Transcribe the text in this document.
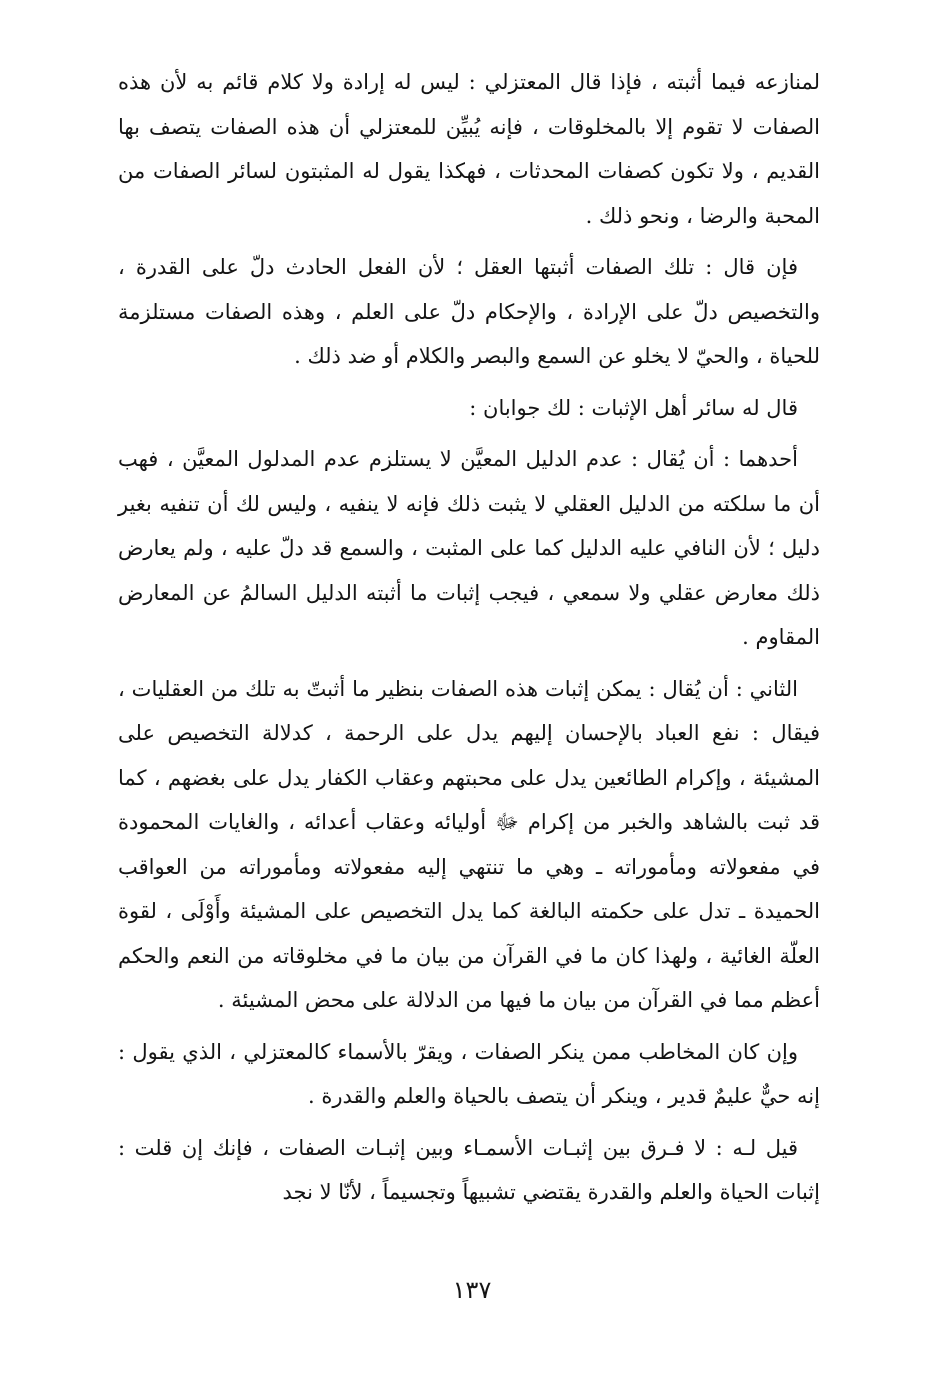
لمنازعه فيما أثبته ، فإذا قال المعتزلي : ليس له إرادة ولا كلام قائم به لأن هذه الصفات لا تقوم إلا بالمخلوقات ، فإنه يُبيِّن للمعتزلي أن هذه الصفات يتصف بها القديم ، ولا تكون كصفات المحدثات ، فهكذا يقول له المثبتون لسائر الصفات من المحبة والرضا ، ونحو ذلك .

فإن قال : تلك الصفات أثبتها العقل ؛ لأن الفعل الحادث دلّ على القدرة ، والتخصيص دلّ على الإرادة ، والإحكام دلّ على العلم ، وهذه الصفات مستلزمة للحياة ، والحيّ لا يخلو عن السمع والبصر والكلام أو ضد ذلك .

قال له سائر أهل الإثبات : لك جوابان :

أحدهما : أن يُقال : عدم الدليل المعيَّن لا يستلزم عدم المدلول المعيَّن ، فهب أن ما سلكته من الدليل العقلي لا يثبت ذلك فإنه لا ينفيه ، وليس لك أن تنفيه بغير دليل ؛ لأن النافي عليه الدليل كما على المثبت ، والسمع قد دلّ عليه ، ولم يعارض ذلك معارض عقلي ولا سمعي ، فيجب إثبات ما أثبته الدليل السالمُ عن المعارض المقاوم .

الثاني : أن يُقال : يمكن إثبات هذه الصفات بنظير ما أثبتّ به تلك من العقليات ، فيقال : نفع العباد بالإحسان إليهم يدل على الرحمة ، كدلالة التخصيص على المشيئة ، وإكرام الطائعين يدل على محبتهم وعقاب الكفار يدل على بغضهم ، كما قد ثبت بالشاهد والخبر من إكرام ﷻ أوليائه وعقاب أعدائه ، والغايات المحمودة في مفعولاته ومأموراته ـ وهي ما تنتهي إليه مفعولاته ومأموراته من العواقب الحميدة ـ تدل على حكمته البالغة كما يدل التخصيص على المشيئة وأَوْلَى ، لقوة العلّة الغائية ، ولهذا كان ما في القرآن من بيان ما في مخلوقاته من النعم والحكم أعظم مما في القرآن من بيان ما فيها من الدلالة على محض المشيئة .

وإن كان المخاطب ممن ينكر الصفات ، ويقرّ بالأسماء كالمعتزلي ، الذي يقول : إنه حيٌّ عليمٌ قدير ، وينكر أن يتصف بالحياة والعلم والقدرة .

قيل لـه : لا فـرق بين إثبـات الأسمـاء وبين إثبـات الصفات ، فإنك إن قلت : إثبات الحياة والعلم والقدرة يقتضي تشبيهاً وتجسيماً ، لأنّا لا نجد

١٣٧
